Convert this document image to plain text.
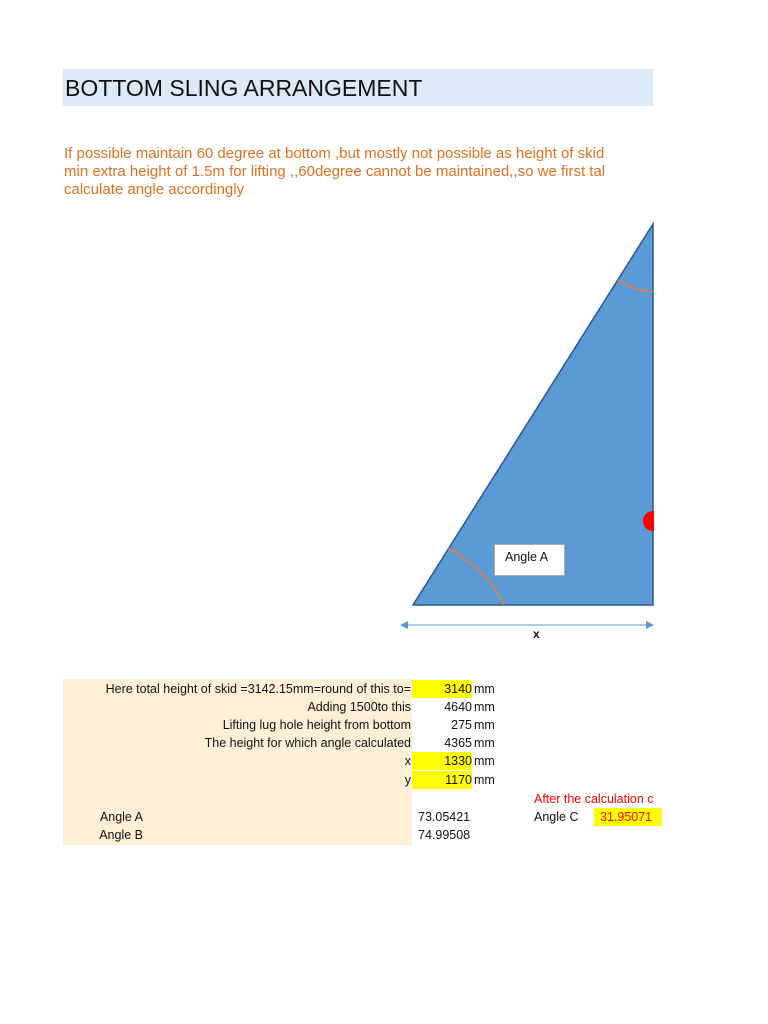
BOTTOM SLING ARRANGEMENT
If possible maintain 60 degree at bottom ,but mostly not possible as height of skid
min extra height of 1.5m for lifting ,,60degree cannot be maintained,,so we first tal
calculate angle accordingly
Angle A
x
Here total height of skid =3142.15mm=round of this to=	3140 mm
Adding 1500to this	4640 mm
Lifting lug hole height from bottom	275 mm
The height for which angle calculated	4365 mm
x	1330 mm
y	1170 mm
Angle A	73.05421
Angle B	74.99508
After the calculation c
Angle C	31.95071
